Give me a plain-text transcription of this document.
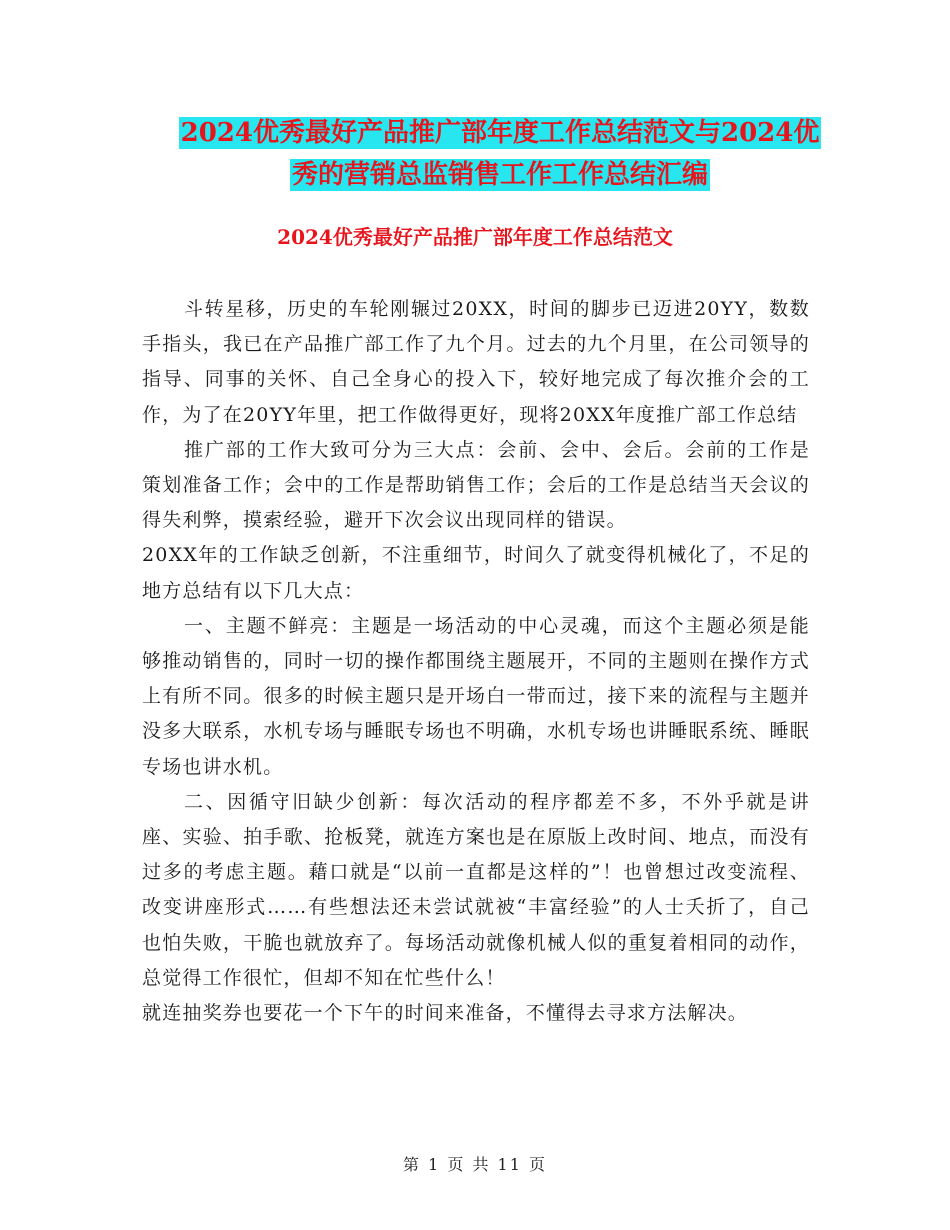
2024优秀最好产品推广部年度工作总结范文与2024优
秀的营销总监销售工作工作总结汇编
2024优秀最好产品推广部年度工作总结范文

斗转星移，历史的车轮刚辗过20XX，时间的脚步已迈进20YY，数数手指头，我已在产品推广部工作了九个月。过去的九个月里，在公司领导的指导、同事的关怀、自己全身心的投入下，较好地完成了每次推介会的工作，为了在20YY年里，把工作做得更好，现将20XX年度推广部工作总结

推广部的工作大致可分为三大点：会前、会中、会后。会前的工作是策划准备工作；会中的工作是帮助销售工作；会后的工作是总结当天会议的得失利弊，摸索经验，避开下次会议出现同样的错误。

20XX年的工作缺乏创新，不注重细节，时间久了就变得机械化了，不足的地方总结有以下几大点：

一、主题不鲜亮：主题是一场活动的中心灵魂，而这个主题必须是能够推动销售的，同时一切的操作都围绕主题展开，不同的主题则在操作方式上有所不同。很多的时候主题只是开场白一带而过，接下来的流程与主题并没多大联系，水机专场与睡眠专场也不明确，水机专场也讲睡眠系统、睡眠专场也讲水机。

二、因循守旧缺少创新：每次活动的程序都差不多，不外乎就是讲座、实验、拍手歌、抢板凳，就连方案也是在原版上改时间、地点，而没有过多的考虑主题。藉口就是“以前一直都是这样的”！也曾想过改变流程、改变讲座形式……有些想法还未尝试就被“丰富经验”的人士夭折了，自己也怕失败，干脆也就放弃了。每场活动就像机械人似的重复着相同的动作，总觉得工作很忙，但却不知在忙些什么！

就连抽奖券也要花一个下午的时间来准备，不懂得去寻求方法解决。

第 1 页 共 11 页
